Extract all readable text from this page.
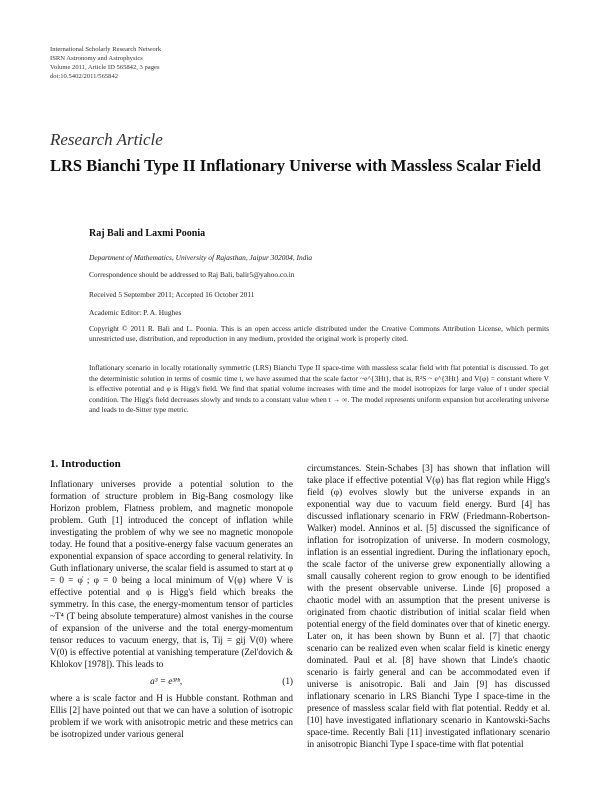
International Scholarly Research Network
ISRN Astronomy and Astrophysics
Volume 2011, Article ID 565842, 3 pages
doi:10.5402/2011/565842
Research Article
LRS Bianchi Type II Inflationary Universe with Massless Scalar Field
Raj Bali and Laxmi Poonia
Department of Mathematics, University of Rajasthan, Jaipur 302004, India
Correspondence should be addressed to Raj Bali, balir5@yahoo.co.in
Received 5 September 2011; Accepted 16 October 2011
Academic Editor: P. A. Hughes
Copyright © 2011 R. Bali and L. Poonia. This is an open access article distributed under the Creative Commons Attribution License, which permits unrestricted use, distribution, and reproduction in any medium, provided the original work is properly cited.
Inflationary scenario in locally rotationally symmetric (LRS) Bianchi Type II space-time with massless scalar field with flat potential is discussed. To get the deterministic solution in terms of cosmic time t, we have assumed that the scale factor ~e^{3Ht}, that is, R²S ~ e^{3Ht} and V(φ) = constant where V is effective potential and φ is Higg's field. We find that spatial volume increases with time and the model isotropizes for large value of t under special condition. The Higg's field decreases slowly and tends to a constant value when t → ∞. The model represents uniform expansion but accelerating universe and leads to de-Sitter type metric.
1. Introduction

Inflationary universes provide a potential solution to the formation of structure problem in Big-Bang cosmology like Horizon problem, Flatness problem, and magnetic monopole problem. Guth [1] introduced the concept of inflation while investigating the problem of why we see no magnetic monopole today. He found that a positive-energy false vacuum generates an exponential expansion of space according to general relativity. In Guth inflationary universe, the scalar field is assumed to start at φ = 0 = φ̇ ; φ = 0 being a local minimum of V(φ) where V is effective potential and φ is Higg's field which breaks the symmetry. In this case, the energy-momentum tensor of particles ~T⁴ (T being absolute temperature) almost vanishes in the course of expansion of the universe and the total energy-momentum tensor reduces to vacuum energy, that is, Tij = gij V(0) where V(0) is effective potential at vanishing temperature (Zel'dovich & Khlokov [1978]). This leads to

a³ = e³ᴴᵗ,	(1)

where a is scale factor and H is Hubble constant. Rothman and Ellis [2] have pointed out that we can have a solution of isotropic problem if we work with anisotropic metric and these metrics can be isotropized under various general

circumstances. Stein-Schabes [3] has shown that inflation will take place if effective potential V(φ) has flat region while Higg's field (φ) evolves slowly but the universe expands in an exponential way due to vacuum field energy. Burd [4] has discussed inflationary scenario in FRW (Friedmann-Robertson-Walker) model. Anninos et al. [5] discussed the significance of inflation for isotropization of universe. In modern cosmology, inflation is an essential ingredient. During the inflationary epoch, the scale factor of the universe grew exponentially allowing a small causally coherent region to grow enough to be identified with the present observable universe. Linde [6] proposed a chaotic model with an assumption that the present universe is originated from chaotic distribution of initial scalar field when potential energy of the field dominates over that of kinetic energy. Later on, it has been shown by Bunn et al. [7] that chaotic scenario can be realized even when scalar field is kinetic energy dominated. Paul et al. [8] have shown that Linde's chaotic scenario is fairly general and can be accommodated even if universe is anisotropic. Bali and Jain [9] has discussed inflationary scenario in LRS Bianchi Type I space-time in the presence of massless scalar field with flat potential. Reddy et al. [10] have investigated inflationary scenario in Kantowski-Sachs space-time. Recently Bali [11] investigated inflationary scenario in anisotropic Bianchi Type I space-time with flat potential
